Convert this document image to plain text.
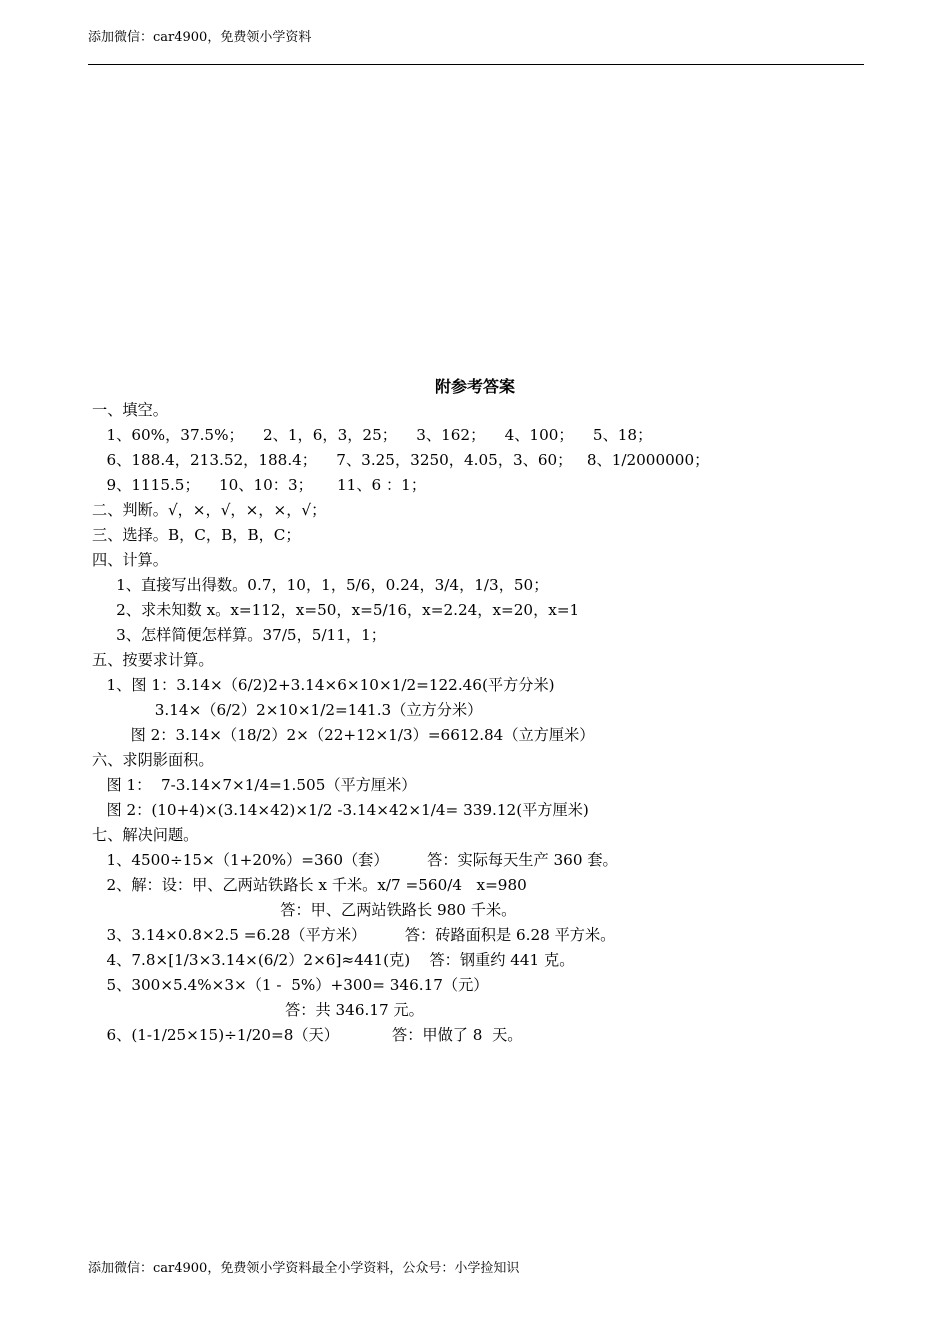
添加微信：car4900，免费领小学资料
附参考答案
一、填空。
1、60%，37.5%；    2、1，6，3，25；    3、162；    4、100；    5、18；
6、188.4，213.52，188.4；    7、3.25，3250，4.05，3、60；   8、1/2000000；
9、1115.5；    10、10：3；     11、6 ：1；
二、判断。√，×，√，×，×，√；
三、选择。B，C，B，B，C；
四、计算。
1、直接写出得数。0.7，10，1，5/6，0.24，3/4，1/3，50；
2、求未知数 x。x=112，x=50，x=5/16，x=2.24，x=20，x=1
3、怎样简便怎样算。37/5，5/11，1；
五、按要求计算。
1、图 1：3.14×（6/2)2+3.14×6×10×1/2=122.46(平方分米)
3.14×（6/2）2×10×1/2=141.3（立方分米）
图 2：3.14×（18/2）2×（22+12×1/3）=6612.84（立方厘米）
六、求阴影面积。
图 1：  7-3.14×7×1/4=1.505（平方厘米）
图 2：(10+4)×(3.14×42)×1/2 -3.14×42×1/4= 339.12(平方厘米)
七、解决问题。
1、4500÷15×（1+20%）=360（套）        答：实际每天生产 360 套。
2、解：设：甲、乙两站铁路长 x 千米。x/7 =560/4   x=980
答：甲、乙两站铁路长 980 千米。
3、3.14×0.8×2.5 =6.28（平方米）        答：砖路面积是 6.28 平方米。
4、7.8×[1/3×3.14×(6/2）2×6]≈441(克)    答：钢重约 441 克。
5、300×5.4%×3×（1 -  5%）+300= 346.17（元）
答：共 346.17 元。
6、(1-1/25×15)÷1/20=8（天）           答：甲做了 8  天。
添加微信：car4900，免费领小学资料最全小学资料，公众号：小学捡知识
